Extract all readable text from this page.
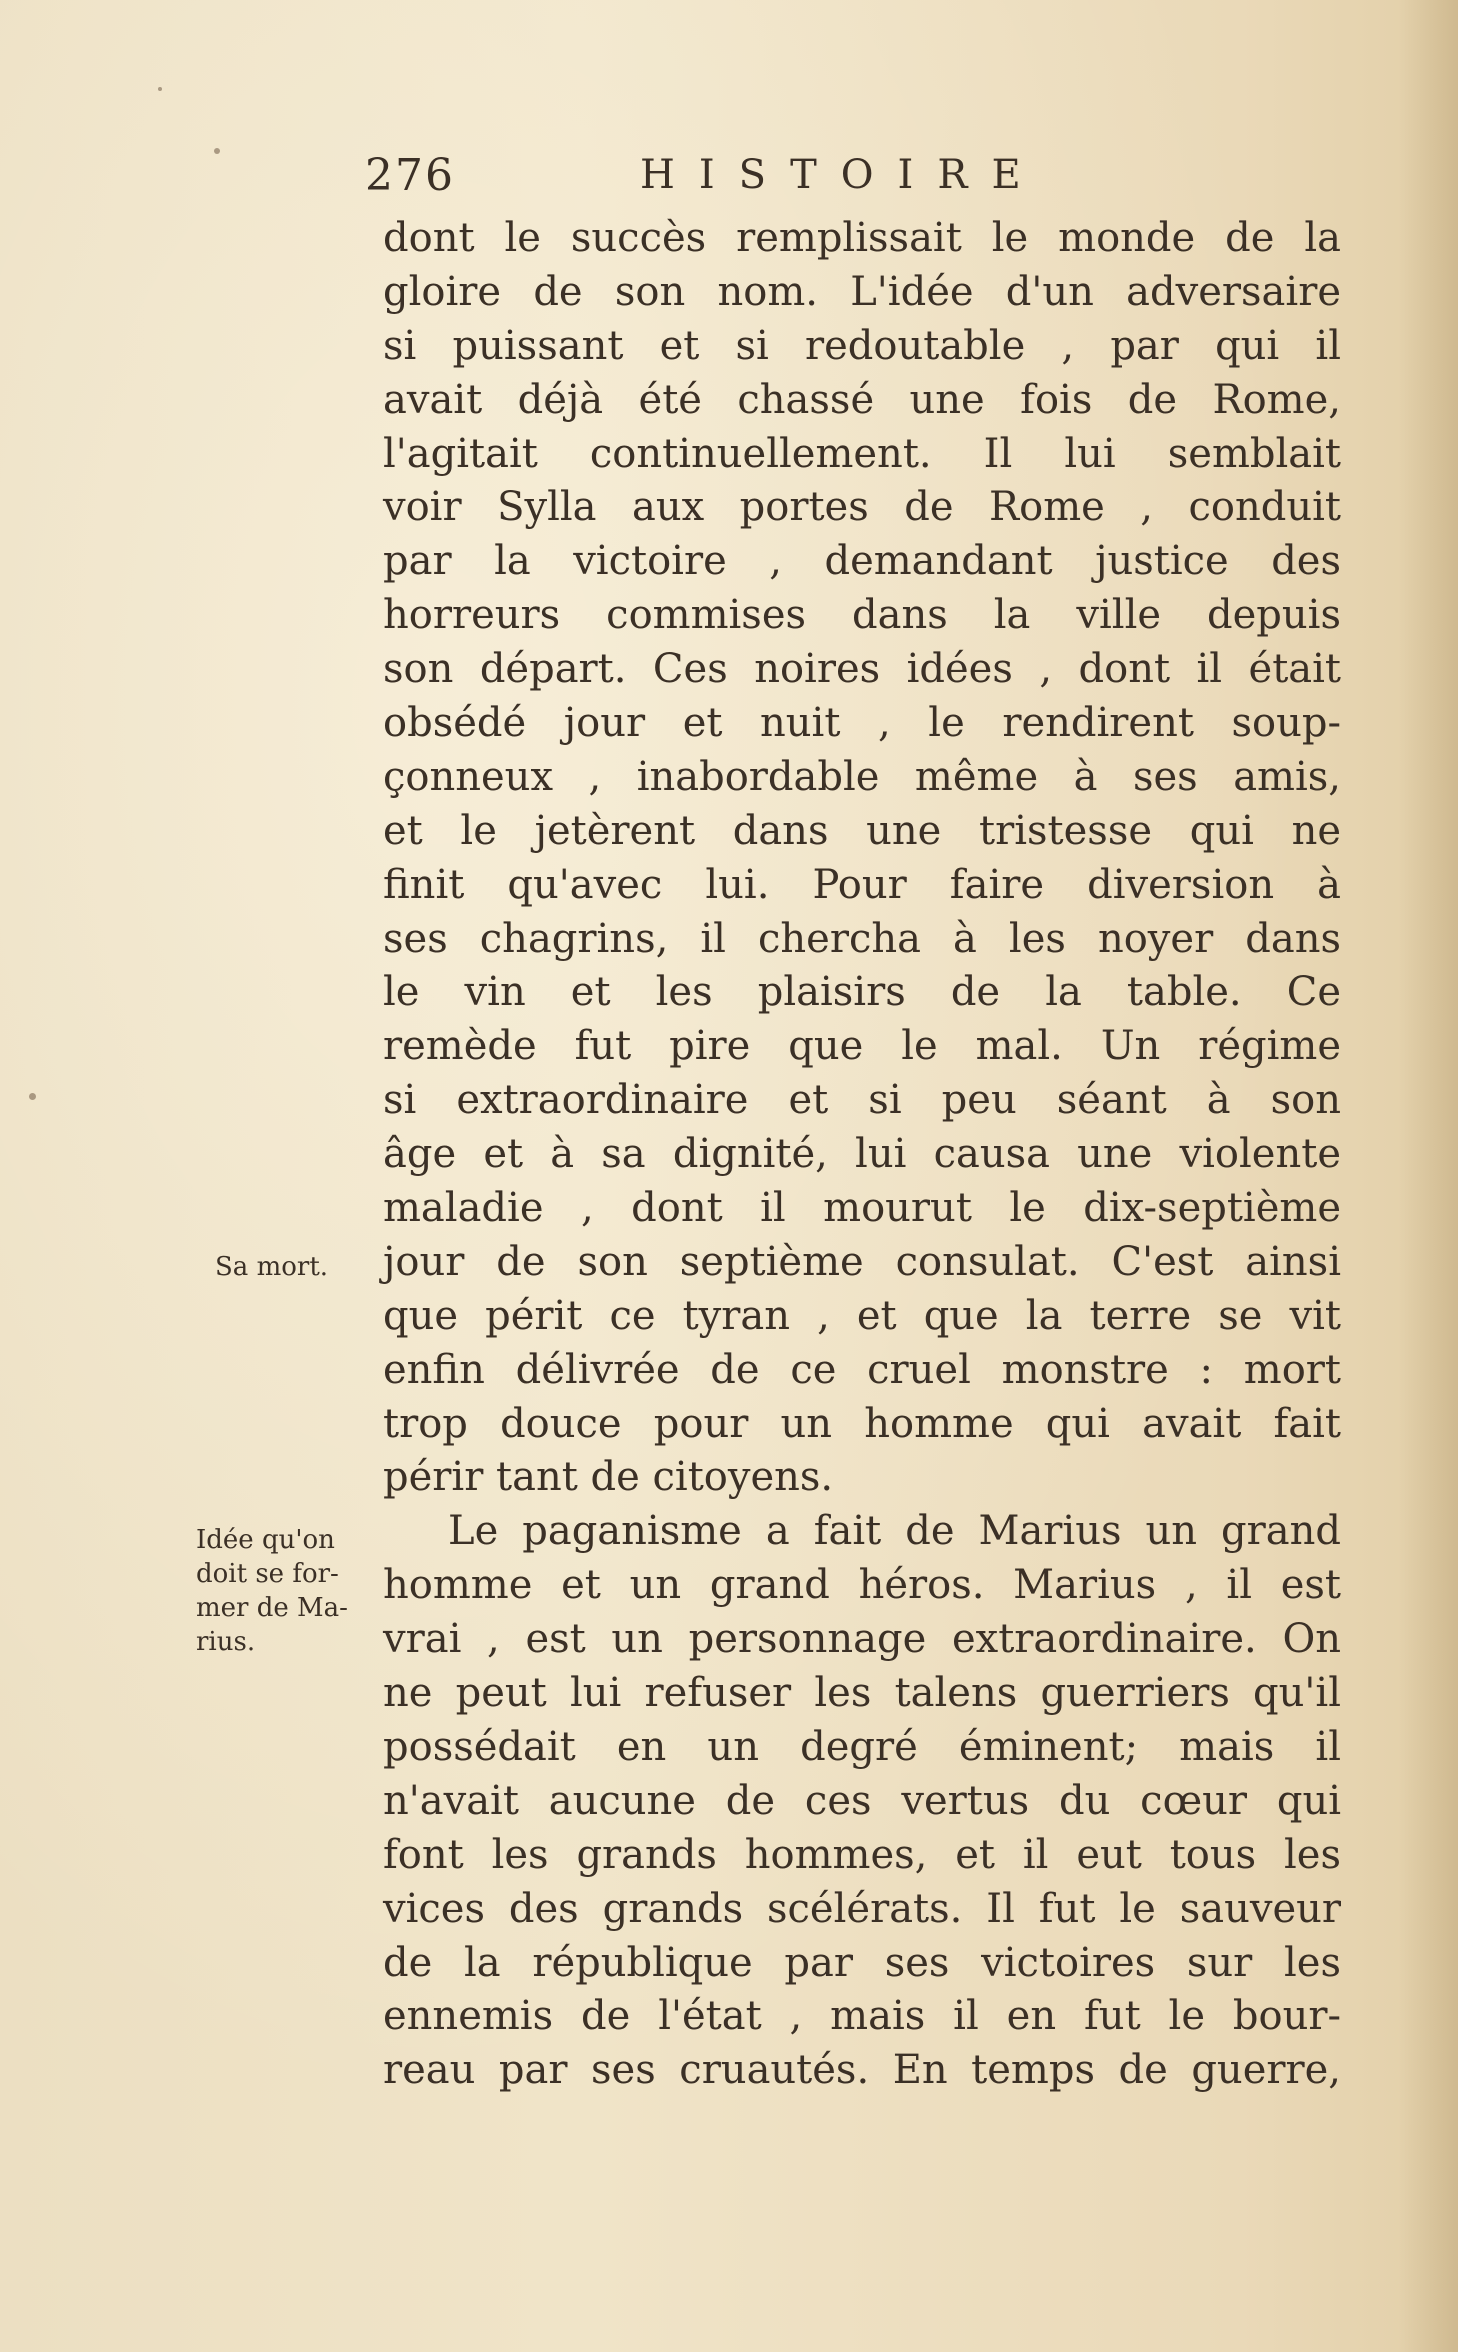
276	HISTOIRE
dont le succès remplissait le monde de la
gloire de son nom. L'idée d'un adversaire
si puissant et si redoutable , par qui il
avait déjà été chassé une fois de Rome,
l'agitait continuellement. Il lui semblait
voir Sylla aux portes de Rome , conduit
par la victoire , demandant justice des
horreurs commises dans la ville depuis
son départ. Ces noires idées , dont il était
obsédé jour et nuit , le rendirent soup-
çonneux , inabordable même à ses amis,
et le jetèrent dans une tristesse qui ne
finit qu'avec lui. Pour faire diversion à
ses chagrins, il chercha à les noyer dans
le vin et les plaisirs de la table. Ce
remède fut pire que le mal. Un régime
si extraordinaire et si peu séant à son
âge et à sa dignité, lui causa une violente
maladie , dont il mourut le dix-septième
jour de son septième consulat. C'est ainsi
que périt ce tyran , et que la terre se vit
enfin délivrée de ce cruel monstre : mort
trop douce pour un homme qui avait fait
périr tant de citoyens.
Le paganisme a fait de Marius un grand
homme et un grand héros. Marius , il est
vrai , est un personnage extraordinaire. On
ne peut lui refuser les talens guerriers qu'il
possédait en un degré éminent; mais il
n'avait aucune de ces vertus du cœur qui
font les grands hommes, et il eut tous les
vices des grands scélérats. Il fut le sauveur
de la république par ses victoires sur les
ennemis de l'état , mais il en fut le bour-
reau par ses cruautés. En temps de guerre,
Sa mort.
Idée qu'on
doit se for-
mer de Ma-
rius.
